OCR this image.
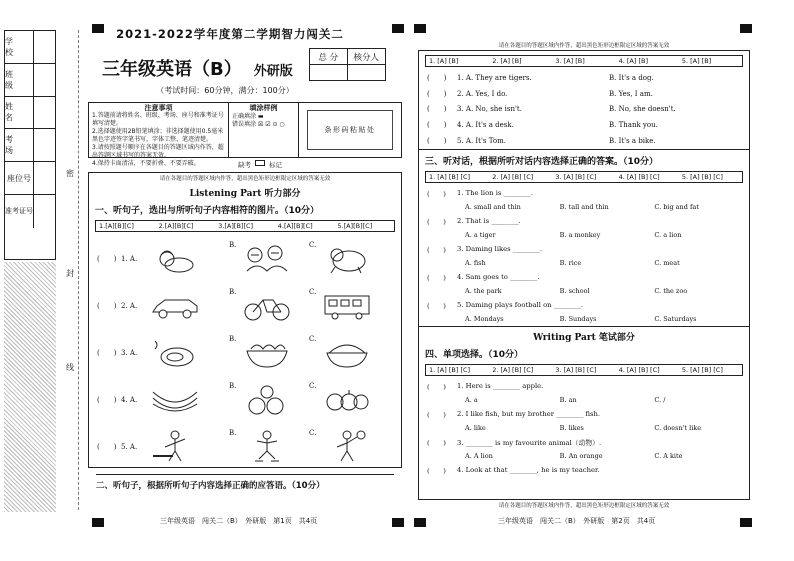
学 校
班 级
姓 名
考 场
座位号
准考证号
密
封
线
2021-2022学年度第二学期智力闯关二
三年级英语（B） 外研版
总 分	核分人

（考试时间：60分钟，满分：100分）
注意事项
1.答题前请将姓名、班级、考场、座号和准考证号填写清楚。
2.选择题使用2B铅笔填涂；非选择题使用0.5毫米黑色字迹签字笔书写，字体工整、笔迹清楚。
3.请按照题号顺序在各题目的答题区域内作答，超出答题区域书写的答案无效。
4.保持卡面清洁，不要折叠、不要弄破。
填涂样例
正确填涂 ▬
错误填涂 ☒ ☑ ⊙ ○
条形码粘贴处
缺考	标记
请在各题目的答题区域内作答，超出黑色矩形边框限定区域的答案无效
Listening Part 听力部分
一、听句子，选出与所听句子内容相符的图片。（10分）
1.[A][B][C]	2.[A][B][C]	3.[A][B][C]	4.[A][B][C]	5.[A][B][C]
(　　) 1. A.
B.	C.
(　　) 2. A.
B.	C.
(　　) 3. A.
B.	C.
(　　) 4. A.
B.	C.
(　　) 5. A.
B.	C.
二、听句子，根据所听句子内容选择正确的应答语。（10分）
三年级英语　闯关二（B）　外研版　第1页　共4页
请在各题目的答题区域内作答，超出黑色矩形边框限定区域的答案无效
1. [A] [B]	2. [A] [B]	3. [A] [B]	4. [A] [B]	5. [A] [B]
(　　)	1. A. They are tigers.	B. It's a dog.
(　　)	2. A. Yes, I do.	B. Yes, I am.
(　　)	3. A. No, she isn't.	B. No, she doesn't.
(　　)	4. A. It's a desk.	B. Thank you.
(　　)	5. A. It's Tom.	B. It's a bike.
三、听对话，根据所听对话内容选择正确的答案。（10分）
1. [A] [B] [C]	2. [A] [B] [C]	3. [A] [B] [C]	4. [A] [B] [C]	5. [A] [B] [C]
(　　)	1. The lion is ________.
A. small and thin	B. tall and thin	C. big and fat
(　　)	2. That is ________.
A. a tiger	B. a monkey	C. a lion
(　　)	3. Daming likes ________.
A. fish	B. rice	C. meat
(　　)	4. Sam goes to ________.
A. the park	B. school	C. the zoo
(　　)	5. Daming plays football on ________.
A. Mondays	B. Sundays	C. Saturdays
Writing Part 笔试部分
四、单项选择。（10分）
1. [A] [B] [C]	2. [A] [B] [C]	3. [A] [B] [C]	4. [A] [B] [C]	5. [A] [B] [C]
(　　)	1. Here is ________ apple.
A. a	B. an	C. /
(　　)	2. I like fish, but my brother ________ fish.
A. like	B. likes	C. doesn't like
(　　)	3. ________ is my favourite animal（动物）.
A. A lion	B. An orange	C. A kite
(　　)	4. Look at that ________, he is my teacher.
请在各题目的答题区域内作答，超出黑色矩形边框限定区域的答案无效
三年级英语　闯关二（B）　外研版　第2页　共4页
